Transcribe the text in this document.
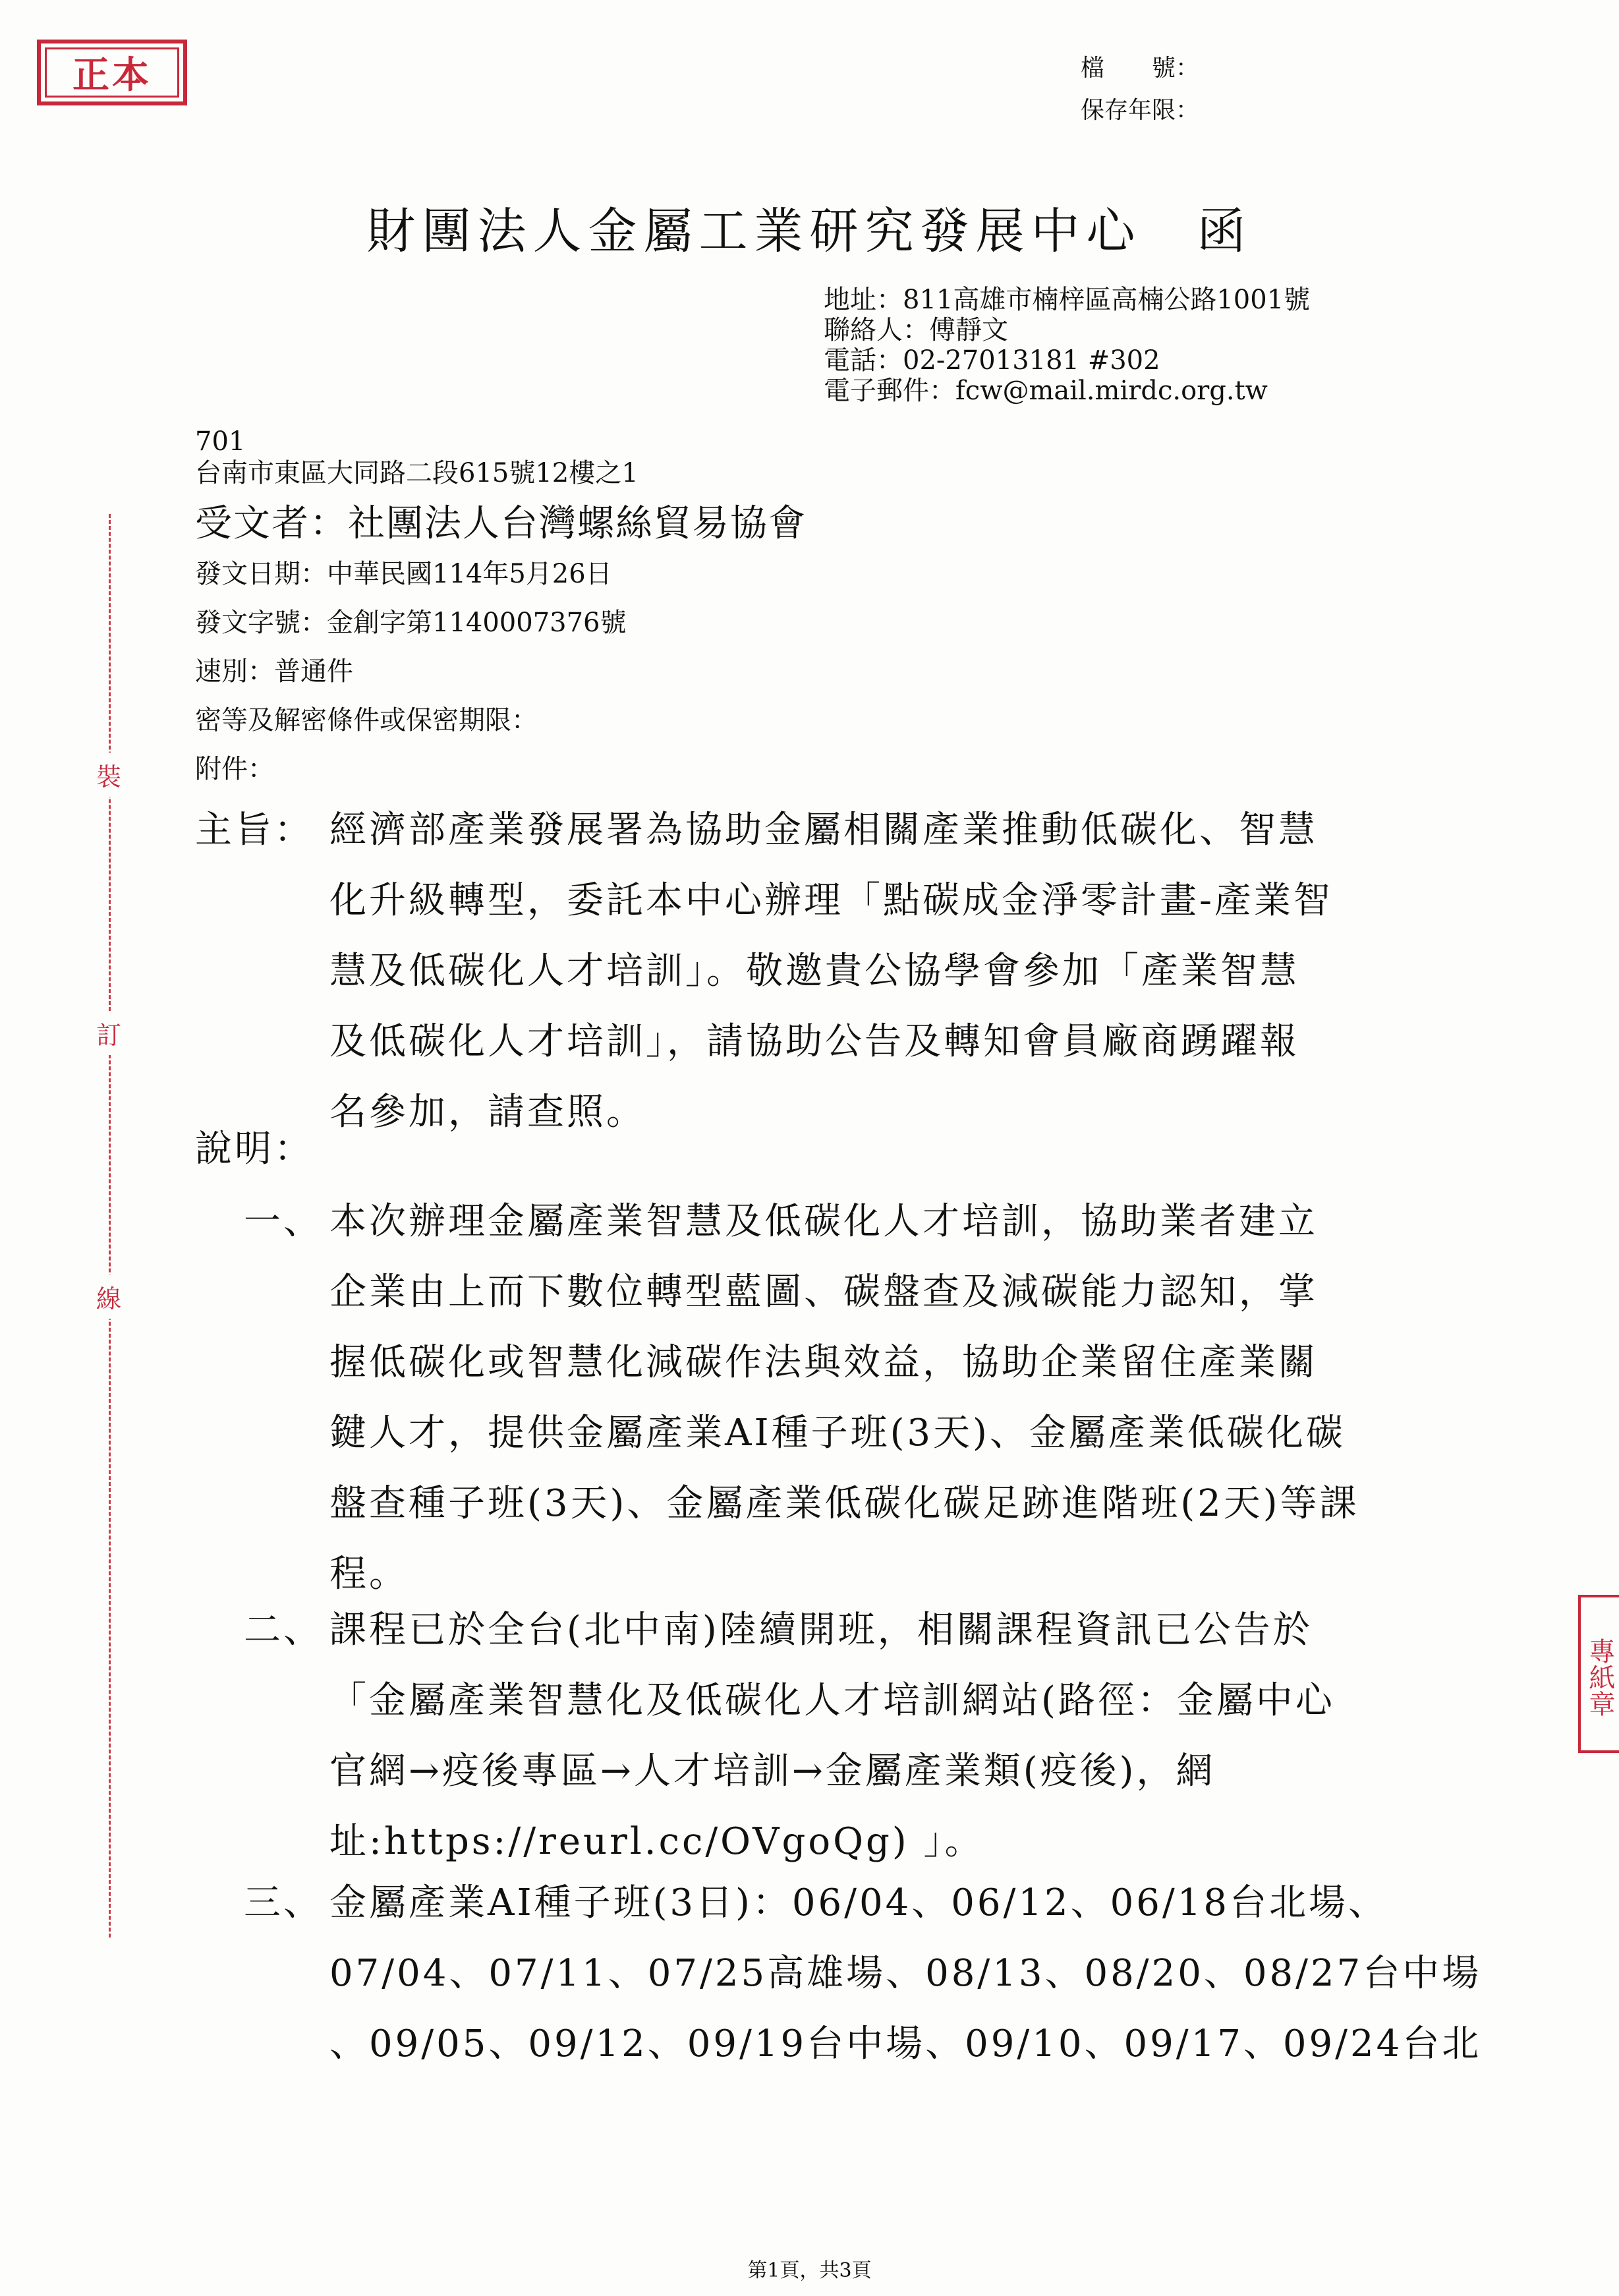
正本	檔　　號：
保存年限：
財團法人金屬工業研究發展中心　函
地址：811高雄市楠梓區高楠公路1001號
聯絡人：傅靜文
電話：02-27013181 #302
電子郵件：fcw@mail.mirdc.org.tw
701
台南市東區大同路二段615號12樓之1
受文者：社團法人台灣螺絲貿易協會
發文日期：中華民國114年5月26日
發文字號：金創字第1140007376號
速別：普通件
密等及解密條件或保密期限：
附件：
裝
訂
線
主旨： 經濟部產業發展署為協助金屬相關產業推動低碳化、智慧
化升級轉型，委託本中心辦理「點碳成金淨零計畫-產業智
慧及低碳化人才培訓」。敬邀貴公協學會參加「產業智慧
及低碳化人才培訓」，請協助公告及轉知會員廠商踴躍報
名參加，請查照。
說明：
一、 本次辦理金屬產業智慧及低碳化人才培訓，協助業者建立
企業由上而下數位轉型藍圖、碳盤查及減碳能力認知，掌
握低碳化或智慧化減碳作法與效益，協助企業留住產業關
鍵人才，提供金屬產業AI種子班(3天)、金屬產業低碳化碳
盤查種子班(3天)、金屬產業低碳化碳足跡進階班(2天)等課
程。
二、 課程已於全台(北中南)陸續開班，相關課程資訊已公告於
「金屬產業智慧化及低碳化人才培訓網站(路徑：金屬中心
官網→疫後專區→人才培訓→金屬產業類(疫後)，網
址:https://reurl.cc/OVgoQg) 」。
三、 金屬產業AI種子班(3日)：06/04、06/12、06/18台北場、
07/04、07/11、07/25高雄場、08/13、08/20、08/27台中場
、09/05、09/12、09/19台中場、09/10、09/17、09/24台北
專紙章
第1頁，共3頁
